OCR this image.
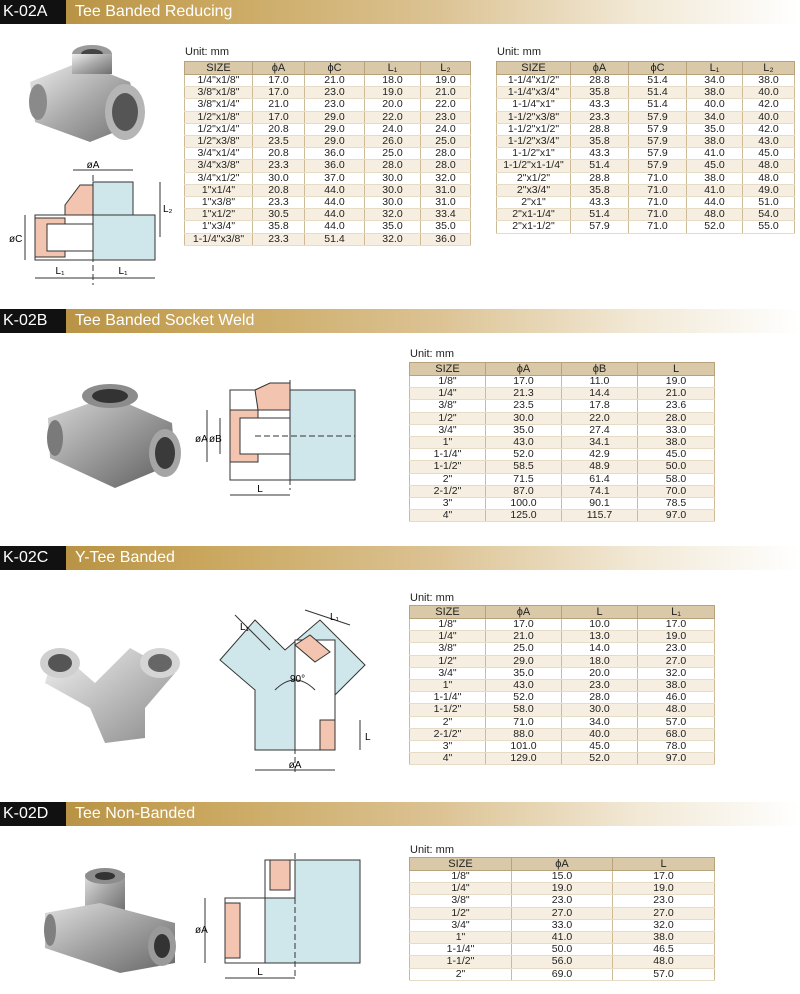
K-02A	Tee Banded Reducing
øA
L₂
øC
L₁	L₁
Unit: mm
SIZE	ϕA	ϕC	L₁	L₂
1/4"x1/8"	17.0	21.0	18.0	19.0
3/8"x1/8"	17.0	23.0	19.0	21.0
3/8"x1/4"	21.0	23.0	20.0	22.0
1/2"x1/8"	17.0	29.0	22.0	23.0
1/2"x1/4"	20.8	29.0	24.0	24.0
1/2"x3/8"	23.5	29.0	26.0	25.0
3/4"x1/4"	20.8	36.0	25.0	28.0
3/4"x3/8"	23.3	36.0	28.0	28.0
3/4"x1/2"	30.0	37.0	30.0	32.0
1"x1/4"	20.8	44.0	30.0	31.0
1"x3/8"	23.3	44.0	30.0	31.0
1"x1/2"	30.5	44.0	32.0	33.4
1"x3/4"	35.8	44.0	35.0	35.0
1-1/4"x3/8"	23.3	51.4	32.0	36.0
Unit: mm
SIZE	ϕA	ϕC	L₁	L₂
1-1/4"x1/2"	28.8	51.4	34.0	38.0
1-1/4"x3/4"	35.8	51.4	38.0	40.0
1-1/4"x1"	43.3	51.4	40.0	42.0
1-1/2"x3/8"	23.3	57.9	34.0	40.0
1-1/2"x1/2"	28.8	57.9	35.0	42.0
1-1/2"x3/4"	35.8	57.9	38.0	43.0
1-1/2"x1"	43.3	57.9	41.0	45.0
1-1/2"x1-1/4"	51.4	57.9	45.0	48.0
2"x1/2"	28.8	71.0	38.0	48.0
2"x3/4"	35.8	71.0	41.0	49.0
2"x1"	43.3	71.0	44.0	51.0
2"x1-1/4"	51.4	71.0	48.0	54.0
2"x1-1/2"	57.9	71.0	52.0	55.0
K-02B	Tee Banded Socket Weld
øA øB
L
Unit: mm
SIZE	ϕA	ϕB	L
1/8"	17.0	11.0	19.0
1/4"	21.3	14.4	21.0
3/8"	23.5	17.8	23.6
1/2"	30.0	22.0	28.0
3/4"	35.0	27.4	33.0
1"	43.0	34.1	38.0
1-1/4"	52.0	42.9	45.0
1-1/2"	58.5	48.9	50.0
2"	71.5	61.4	58.0
2-1/2"	87.0	74.1	70.0
3"	100.0	90.1	78.5
4"	125.0	115.7	97.0
K-02C	Y-Tee Banded
90°
L₁
L₁
L
øA
Unit: mm
SIZE	ϕA	L	L₁
1/8"	17.0	10.0	17.0
1/4"	21.0	13.0	19.0
3/8"	25.0	14.0	23.0
1/2"	29.0	18.0	27.0
3/4"	35.0	20.0	32.0
1"	43.0	23.0	38.0
1-1/4"	52.0	28.0	46.0
1-1/2"	58.0	30.0	48.0
2"	71.0	34.0	57.0
2-1/2"	88.0	40.0	68.0
3"	101.0	45.0	78.0
4"	129.0	52.0	97.0
K-02D	Tee Non-Banded
øA
L
Unit: mm
SIZE	ϕA	L
1/8"	15.0	17.0
1/4"	19.0	19.0
3/8"	23.0	23.0
1/2"	27.0	27.0
3/4"	33.0	32.0
1"	41.0	38.0
1-1/4"	50.0	46.5
1-1/2"	56.0	48.0
2"	69.0	57.0
